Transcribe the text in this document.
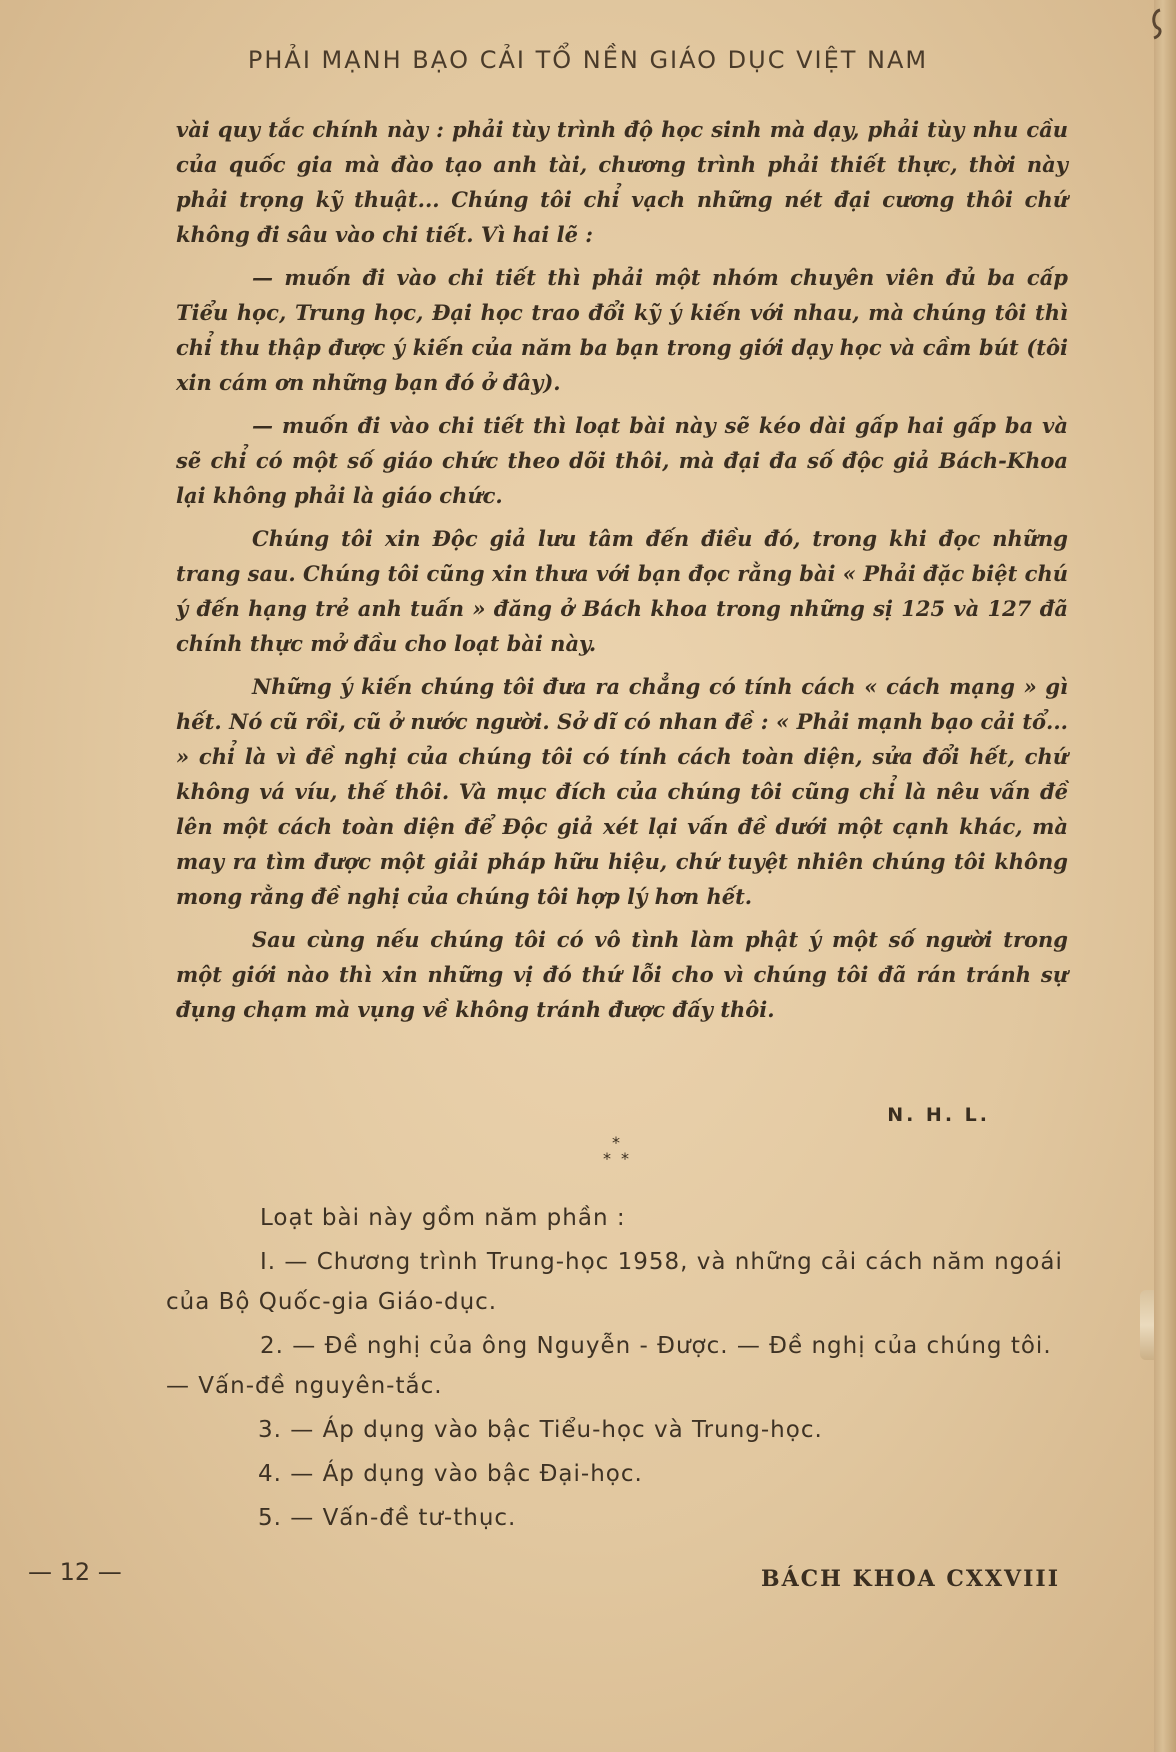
PHẢI MẠNH BẠO CẢI TỔ NỀN GIÁO DỤC VIỆT NAM

vài quy tắc chính này : phải tùy trình độ học sinh mà dạy, phải tùy nhu cầu của quốc gia mà đào tạo anh tài, chương trình phải thiết thực, thời này phải trọng kỹ thuật... Chúng tôi chỉ vạch những nét đại cương thôi chứ không đi sâu vào chi tiết. Vì hai lẽ :

— muốn đi vào chi tiết thì phải một nhóm chuyên viên đủ ba cấp Tiểu học, Trung học, Đại học trao đổi kỹ ý kiến với nhau, mà chúng tôi thì chỉ thu thập được ý kiến của năm ba bạn trong giới dạy học và cầm bút (tôi xin cám ơn những bạn đó ở đây).

— muốn đi vào chi tiết thì loạt bài này sẽ kéo dài gấp hai gấp ba và sẽ chỉ có một số giáo chức theo dõi thôi, mà đại đa số độc giả Bách-Khoa lại không phải là giáo chức.

Chúng tôi xin Độc giả lưu tâm đến điều đó, trong khi đọc những trang sau. Chúng tôi cũng xin thưa với bạn đọc rằng bài « Phải đặc biệt chú ý đến hạng trẻ anh tuấn » đăng ở Bách khoa trong những sị 125 và 127 đã chính thực mở đầu cho loạt bài này.

Những ý kiến chúng tôi đưa ra chẳng có tính cách « cách mạng » gì hết. Nó cũ rồi, cũ ở nước người. Sở dĩ có nhan đề : « Phải mạnh bạo cải tổ... » chỉ là vì đề nghị của chúng tôi có tính cách toàn diện, sửa đổi hết, chứ không vá víu, thế thôi. Và mục đích của chúng tôi cũng chỉ là nêu vấn đề lên một cách toàn diện để Độc giả xét lại vấn đề dưới một cạnh khác, mà may ra tìm được một giải pháp hữu hiệu, chứ tuyệt nhiên chúng tôi không mong rằng đề nghị của chúng tôi hợp lý hơn hết.

Sau cùng nếu chúng tôi có vô tình làm phật ý một số người trong một giới nào thì xin những vị đó thứ lỗi cho vì chúng tôi đã rán tránh sự đụng chạm mà vụng về không tránh được đấy thôi.

N. H. L.
*
* *
Loạt bài này gồm năm phần :
I. — Chương trình Trung-học 1958, và những cải cách năm ngoái của Bộ Quốc-gia Giáo-dục.
2. — Đề nghị của ông Nguyễn - Được. — Đề nghị của chúng tôi. — Vấn-đề nguyên-tắc.
3. — Áp dụng vào bậc Tiểu-học và Trung-học.
4. — Áp dụng vào bậc Đại-học.
5. — Vấn-đề tư-thục.
— 12 —	BÁCH KHOA CXXVIII
